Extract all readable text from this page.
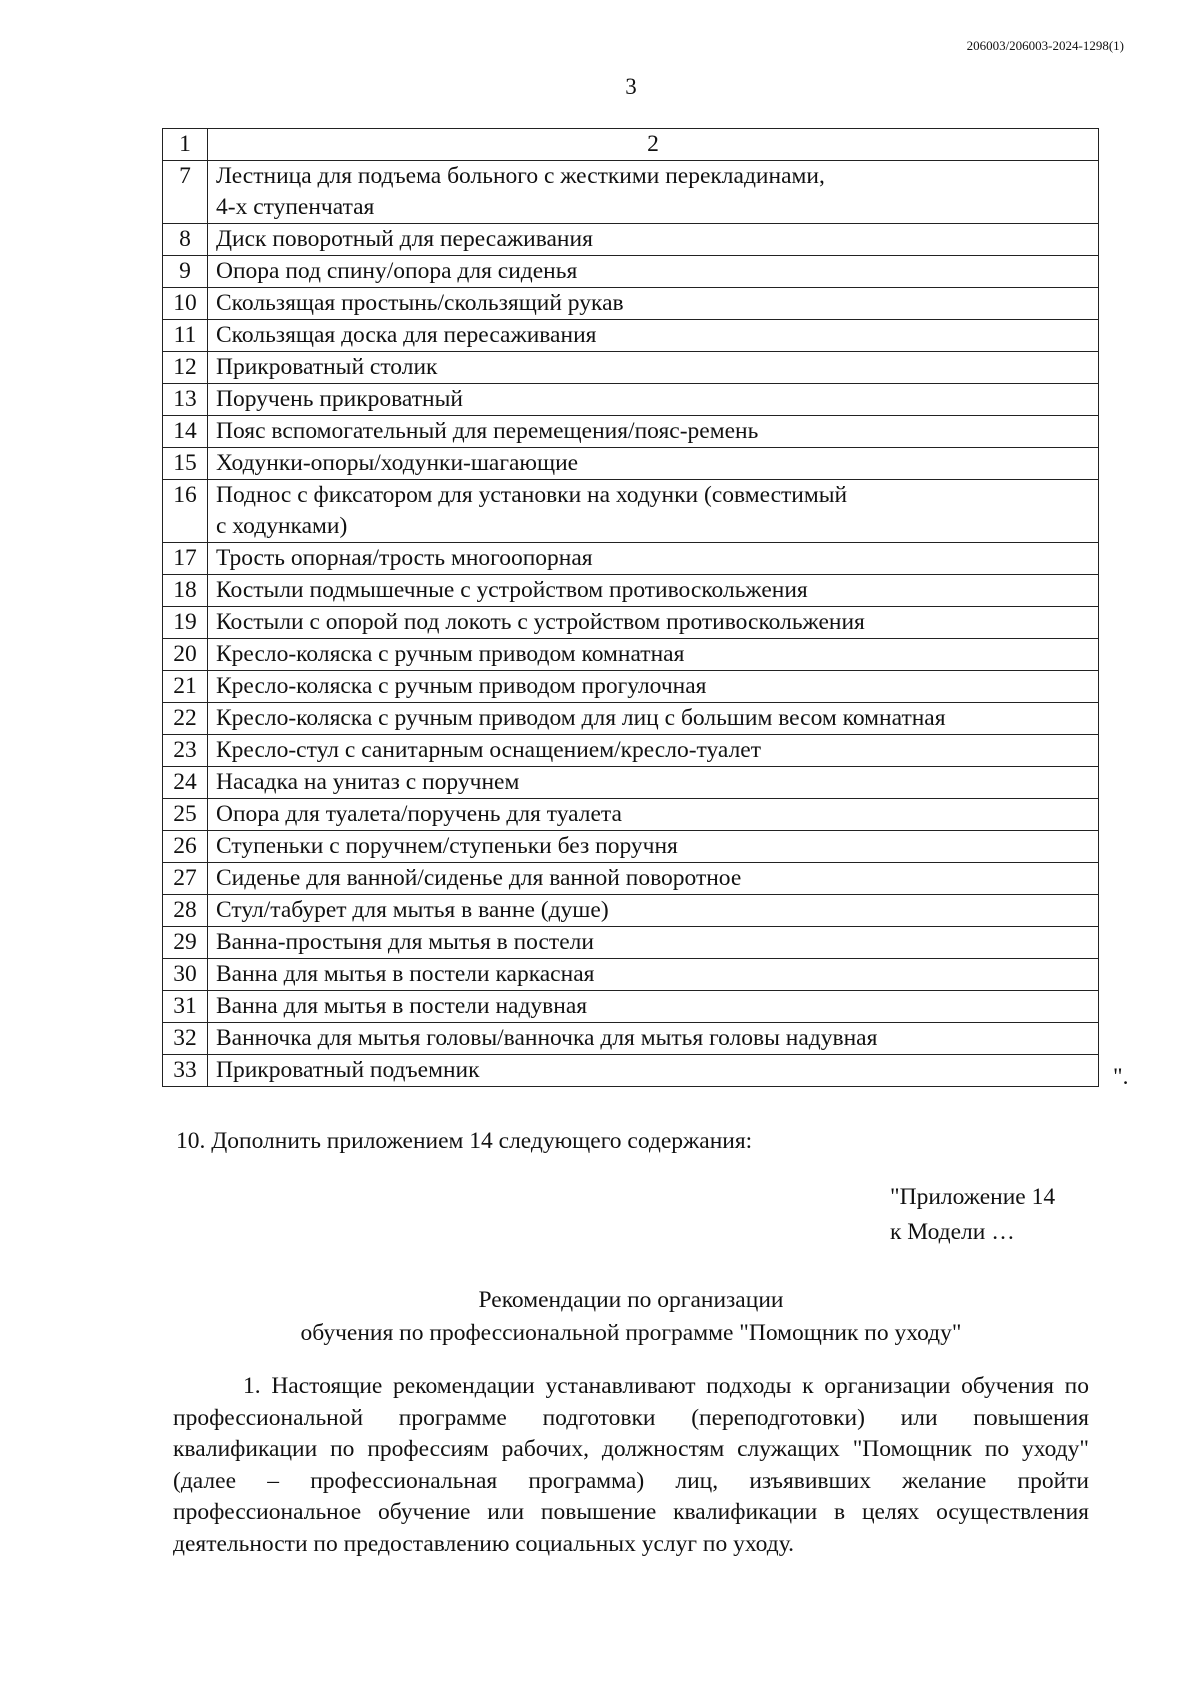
206003/206003-2024-1298(1)
3
1	2
7	Лестница для подъема больного с жесткими перекладинами,
4-х ступенчатая

8	Диск поворотный для пересаживания
9	Опора под спину/опора для сиденья
10	Скользящая простынь/скользящий рукав
11	Скользящая доска для пересаживания
12	Прикроватный столик
13	Поручень прикроватный
14	Пояс вспомогательный для перемещения/пояс-ремень
15	Ходунки-опоры/ходунки-шагающие
16	Поднос с фиксатором для установки на ходунки (совместимый
с ходунками)

17	Трость опорная/трость многоопорная
18	Костыли подмышечные с устройством противоскольжения
19	Костыли с опорой под локоть с устройством противоскольжения
20	Кресло-коляска с ручным приводом комнатная
21	Кресло-коляска с ручным приводом прогулочная
22	Кресло-коляска с ручным приводом для лиц с большим весом комнатная
23	Кресло-стул с санитарным оснащением/кресло-туалет
24	Насадка на унитаз с поручнем
25	Опора для туалета/поручень для туалета
26	Ступеньки с поручнем/ступеньки без поручня
27	Сиденье для ванной/сиденье для ванной поворотное
28	Стул/табурет для мытья в ванне (душе)
29	Ванна-простыня для мытья в постели
30	Ванна для мытья в постели каркасная
31	Ванна для мытья в постели надувная
32	Ванночка для мытья головы/ванночка для мытья головы надувная
33	Прикроватный подъемник	".
10. Дополнить приложением 14 следующего содержания:
"Приложение 14
к Модели …
Рекомендации по организации
обучения по профессиональной программе "Помощник по уходу"

1. Настоящие рекомендации устанавливают подходы к организации обучения по профессиональной программе подготовки (переподготовки) или повышения квалификации по профессиям рабочих, должностям служащих "Помощник по уходу" (далее – профессиональная программа) лиц, изъявивших желание пройти профессиональное обучение или повышение квалификации в целях осуществления деятельности по предоставлению социальных услуг по уходу.
